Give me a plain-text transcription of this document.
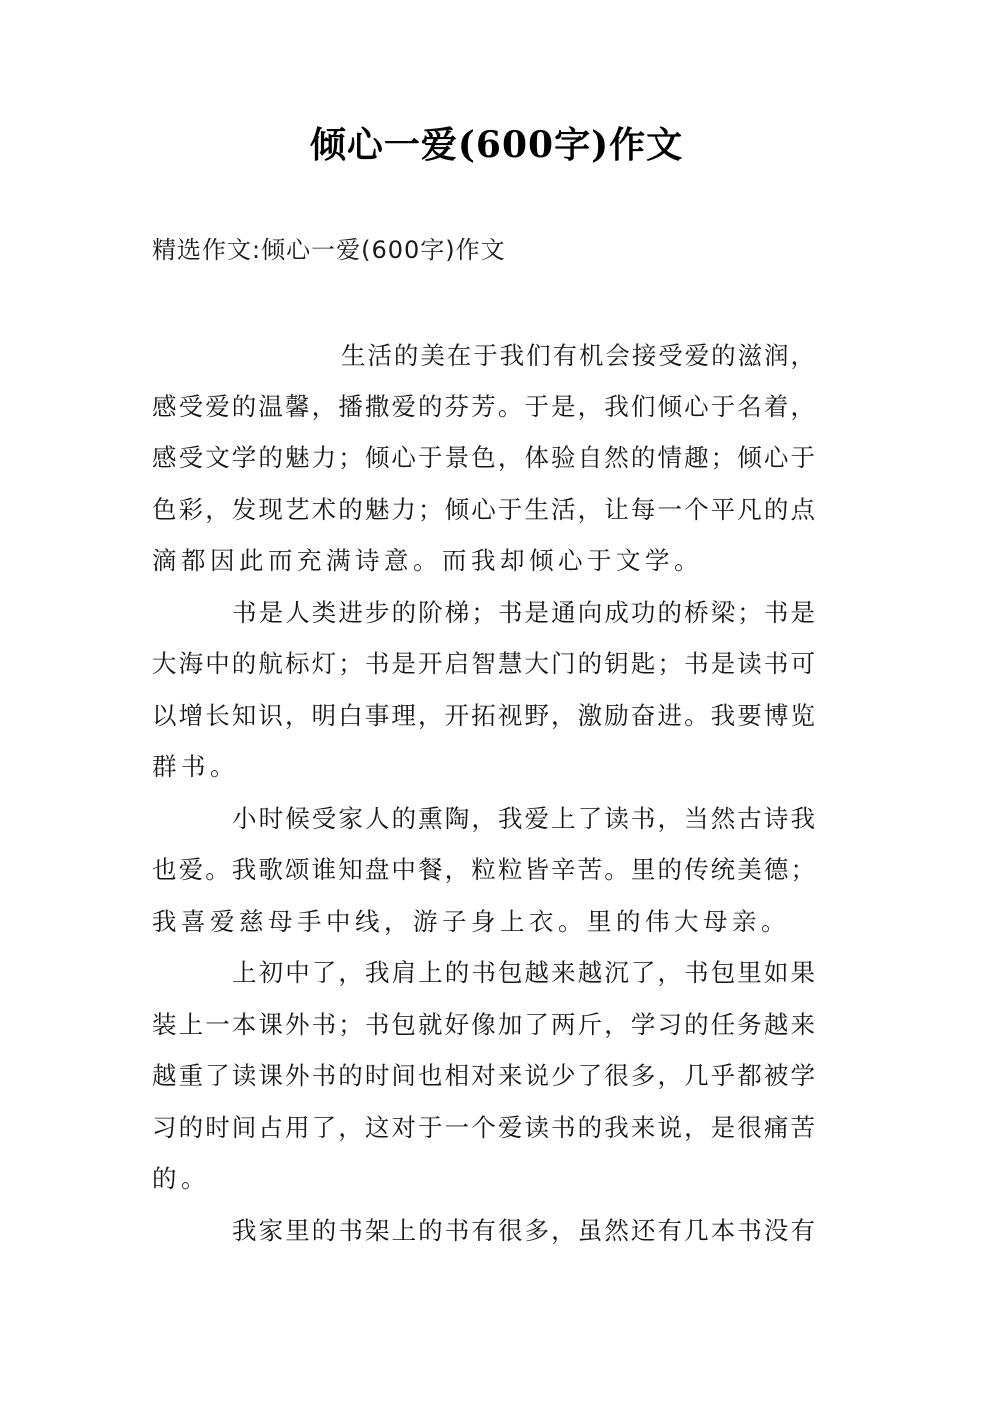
倾心一爱(600字)作文
精选作文:倾心一爱(600字)作文
生活的美在于我们有机会接受爱的滋润，
感受爱的温馨，播撒爱的芬芳。于是，我们倾心于名着，
感受文学的魅力；倾心于景色，体验自然的情趣；倾心于
色彩，发现艺术的魅力；倾心于生活，让每一个平凡的点
滴都因此而充满诗意。而我却倾心于文学。
书是人类进步的阶梯；书是通向成功的桥梁；书是
大海中的航标灯；书是开启智慧大门的钥匙；书是读书可
以增长知识，明白事理，开拓视野，激励奋进。我要博览
群书。
小时候受家人的熏陶，我爱上了读书，当然古诗我
也爱。我歌颂谁知盘中餐，粒粒皆辛苦。里的传统美德；
我喜爱慈母手中线，游子身上衣。里的伟大母亲。
上初中了，我肩上的书包越来越沉了，书包里如果
装上一本课外书；书包就好像加了两斤，学习的任务越来
越重了读课外书的时间也相对来说少了很多，几乎都被学
习的时间占用了，这对于一个爱读书的我来说，是很痛苦
的。
我家里的书架上的书有很多，虽然还有几本书没有
